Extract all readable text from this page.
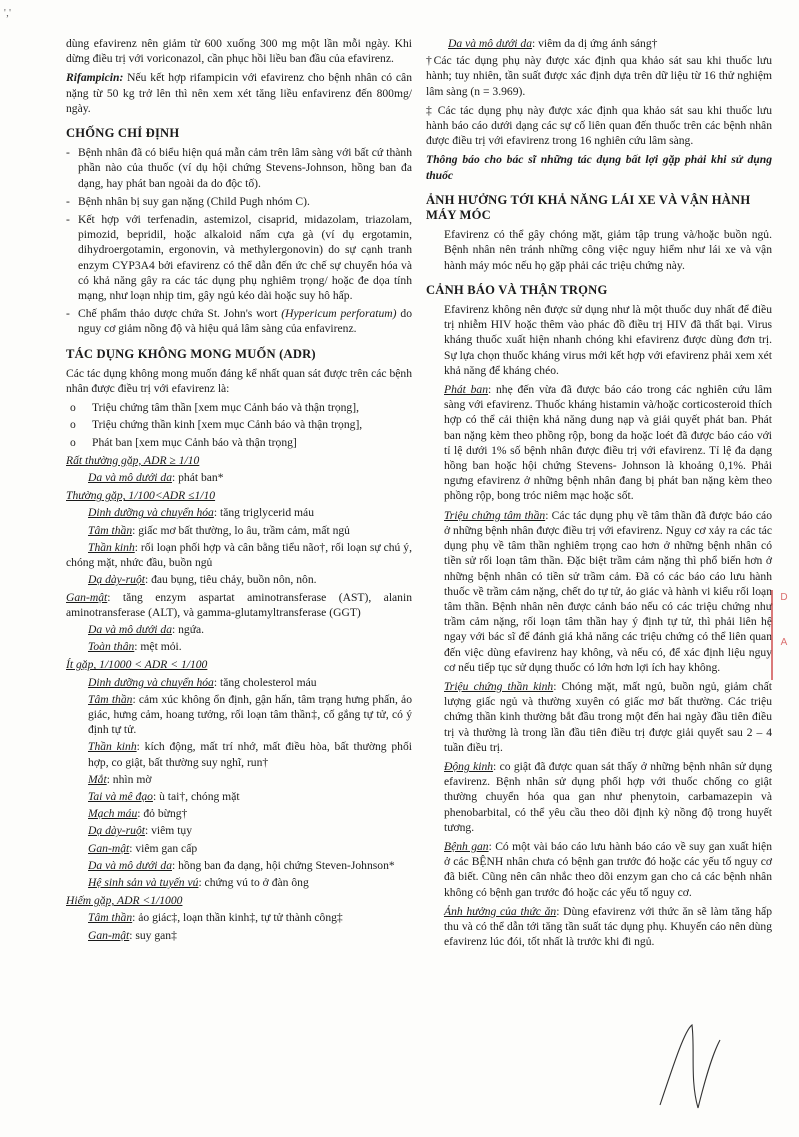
'‚'

dùng efavirenz nên giảm từ 600 xuống 300 mg một lần mỗi ngày. Khi dừng điều trị với voriconazol, cần phục hồi liều ban đầu của efavirenz.

Rifampicin: Nếu kết hợp rifampicin với efavirenz cho bệnh nhân có cân nặng từ 50 kg trở lên thì nên xem xét tăng liều enfavirenz đến 800mg/ ngày.

CHỐNG CHỈ ĐỊNH
- Bệnh nhân đã có biểu hiện quá mẫn cảm trên lâm sàng với bất cứ thành phần nào của thuốc (ví dụ hội chứng Stevens-Johnson, hồng ban đa dạng, hay phát ban ngoài da do độc tố).
- Bệnh nhân bị suy gan nặng (Child Pugh nhóm C).
- Kết hợp với terfenadin, astemizol, cisaprid, midazolam, triazolam, pimozid, bepridil, hoặc alkaloid nấm cựa gà (ví dụ ergotamin, dihydroergotamin, ergonovin, và methylergonovin) do sự cạnh tranh enzym CYP3A4 bởi efavirenz có thể dẫn đến ức chế sự chuyển hóa và có khả năng gây ra các tác dụng phụ nghiêm trọng/ hoặc đe dọa tính mạng, như loạn nhịp tim, gây ngủ kéo dài hoặc suy hô hấp.
- Chế phẩm thảo dược chứa St. John's wort (Hypericum perforatum) do nguy cơ giảm nồng độ và hiệu quả lâm sàng của enfavirenz.
TÁC DỤNG KHÔNG MONG MUỐN (ADR)

Các tác dụng không mong muốn đáng kể nhất quan sát được trên các bệnh nhân được điều trị với efavirenz là:

o Triệu chứng tâm thần [xem mục Cảnh báo và thận trọng],
o Triệu chứng thần kinh [xem mục Cảnh báo và thận trọng],
o Phát ban [xem mục Cảnh báo và thận trọng]
Rất thường gặp, ADR ≥ 1/10
Da và mô dưới da: phát ban*
Thường gặp, 1/100<ADR ≤1/10
Dinh dưỡng và chuyển hóa: tăng triglycerid máu
Tâm thần: giấc mơ bất thường, lo âu, trầm cảm, mất ngủ
Thần kinh: rối loạn phối hợp và cân bằng tiểu não†, rối loạn sự chú ý, chóng mặt, nhức đầu, buồn ngủ
Dạ dày-ruột: đau bụng, tiêu chảy, buồn nôn, nôn.
Gan-mật: tăng enzym aspartat aminotransferase (AST), alanin aminotransferase (ALT), và gamma-glutamyltransferase (GGT)
Da và mô dưới da: ngứa.
Toàn thân: mệt mỏi.
Ít gặp, 1/1000 < ADR < 1/100
Dinh dưỡng và chuyển hóa: tăng cholesterol máu
Tâm thần: cảm xúc không ổn định, gận hấn, tâm trạng hưng phấn, ảo giác, hưng cảm, hoang tưởng, rối loạn tâm thần‡, cố gắng tự tử, có ý định tự tử.
Thần kinh: kích động, mất trí nhớ, mất điều hòa, bất thường phối hợp, co giật, bất thường suy nghĩ, run†
Mắt: nhìn mờ
Tai và mê đạo: ù tai†, chóng mặt
Mạch máu: đỏ bừng†
Dạ dày-ruột: viêm tụy
Gan-mật: viêm gan cấp
Da và mô dưới da: hồng ban đa dạng, hội chứng Steven-Johnson*
Hệ sinh sản và tuyến vú: chứng vú to ở đàn ông
Hiếm gặp, ADR <1/1000
Tâm thần: ảo giác‡, loạn thần kinh‡, tự tử thành công‡
Gan-mật: suy gan‡
Da và mô dưới da: viêm da dị ứng ánh sáng†

†Các tác dụng phụ này được xác định qua khảo sát sau khi thuốc lưu hành; tuy nhiên, tần suất được xác định dựa trên dữ liệu từ 16 thử nghiệm lâm sàng (n = 3.969).

‡ Các tác dụng phụ này được xác định qua khảo sát sau khi thuốc lưu hành báo cáo dưới dạng các sự cố liên quan đến thuốc trên các bệnh nhân được điều trị với efavirenz trong 16 nghiên cứu lâm sàng.

Thông báo cho bác sĩ những tác dụng bất lợi gặp phải khi sử dụng thuốc

ẢNH HƯỞNG TỚI KHẢ NĂNG LÁI XE VÀ VẬN HÀNH MÁY MÓC

Efavirenz có thể gây chóng mặt, giảm tập trung và/hoặc buồn ngủ. Bệnh nhân nên tránh những công việc nguy hiểm như lái xe và vận hành máy móc nếu họ gặp phải các triệu chứng này.

CẢNH BÁO VÀ THẬN TRỌNG

Efavirenz không nên được sử dụng như là một thuốc duy nhất để điều trị nhiễm HIV hoặc thêm vào phác đồ điều trị HIV đã thất bại. Virus kháng thuốc xuất hiện nhanh chóng khi efavirenz được dùng đơn trị. Sự lựa chọn thuốc kháng virus mới kết hợp với efavirenz phải xem xét khả năng để kháng chéo.

Phát ban: nhẹ đến vừa đã được báo cáo trong các nghiên cứu lâm sàng với efavirenz. Thuốc kháng histamin và/hoặc corticosteroid thích hợp có thể cải thiện khả năng dung nạp và giải quyết phát ban. Phát ban nặng kèm theo phồng rộp, bong da hoặc loét đã được báo cáo với tỉ lệ dưới 1% số bệnh nhân được điều trị với efavirenz. Tỉ lệ đa dạng hồng ban hoặc hội chứng Stevens- Johnson là khoảng 0,1%. Phải ngưng efavirenz ở những bệnh nhân đang bị phát ban nặng kèm theo phồng rộp, bong tróc niêm mạc hoặc sốt.

Triệu chứng tâm thần: Các tác dụng phụ về tâm thần đã được báo cáo ở những bệnh nhân được điều trị với efavirenz. Nguy cơ xảy ra các tác dụng phụ về tâm thần nghiêm trọng cao hơn ở những bệnh nhân có tiền sử rối loạn tâm thần. Đặc biệt trầm cảm nặng thì phổ biến hơn ở những bệnh nhân có tiền sử trầm cảm. Đã có các báo cáo lưu hành thuốc về trầm cảm nặng, chết do tự tử, ảo giác và hành vi kiểu rối loạn tâm thần. Bệnh nhân nên được cảnh báo nếu có các triệu chứng như trầm cảm nặng, rối loạn tâm thần hay ý định tự tử, thì phải liên hệ ngay với bác sĩ để đánh giá khả năng các triệu chứng có thể liên quan đến việc dùng efavirenz hay không, và nếu có, để xác định liệu nguy cơ nếu tiếp tục sử dụng thuốc có lớn hơn lợi ích hay không.

Triệu chứng thần kinh: Chóng mặt, mất ngủ, buồn ngủ, giảm chất lượng giấc ngủ và thường xuyên có giấc mơ bất thường. Các triệu chứng thần kinh thường bắt đầu trong một đến hai ngày đầu tiên điều trị và thường là trong lần đầu tiên điều trị được giải quyết sau 2 – 4 tuần điều trị.

Động kinh: co giật đã được quan sát thấy ở những bệnh nhân sử dụng efavirenz. Bệnh nhân sử dụng phối hợp với thuốc chống co giật thường chuyển hóa qua gan như phenytoin, carbamazepin và phenobarbital, có thể yêu cầu theo dõi định kỳ nồng độ trong huyết tương.

Bệnh gan: Có một vài báo cáo lưu hành báo cáo về suy gan xuất hiện ở các BỆNH nhân chưa có bệnh gan trước đó hoặc các yếu tố nguy cơ đã biết. Cũng nên cân nhắc theo dõi enzym gan cho cả các bệnh nhân không có bệnh gan trước đó hoặc các yếu tố nguy cơ.

Ảnh hưởng của thức ăn: Dùng efavirenz với thức ăn sẽ làm tăng hấp thu và có thể dẫn tới tăng tần suất tác dụng phụ. Khuyến cáo nên dùng efavirenz lúc đói, tốt nhất là trước khi đi ngủ.

D
A
